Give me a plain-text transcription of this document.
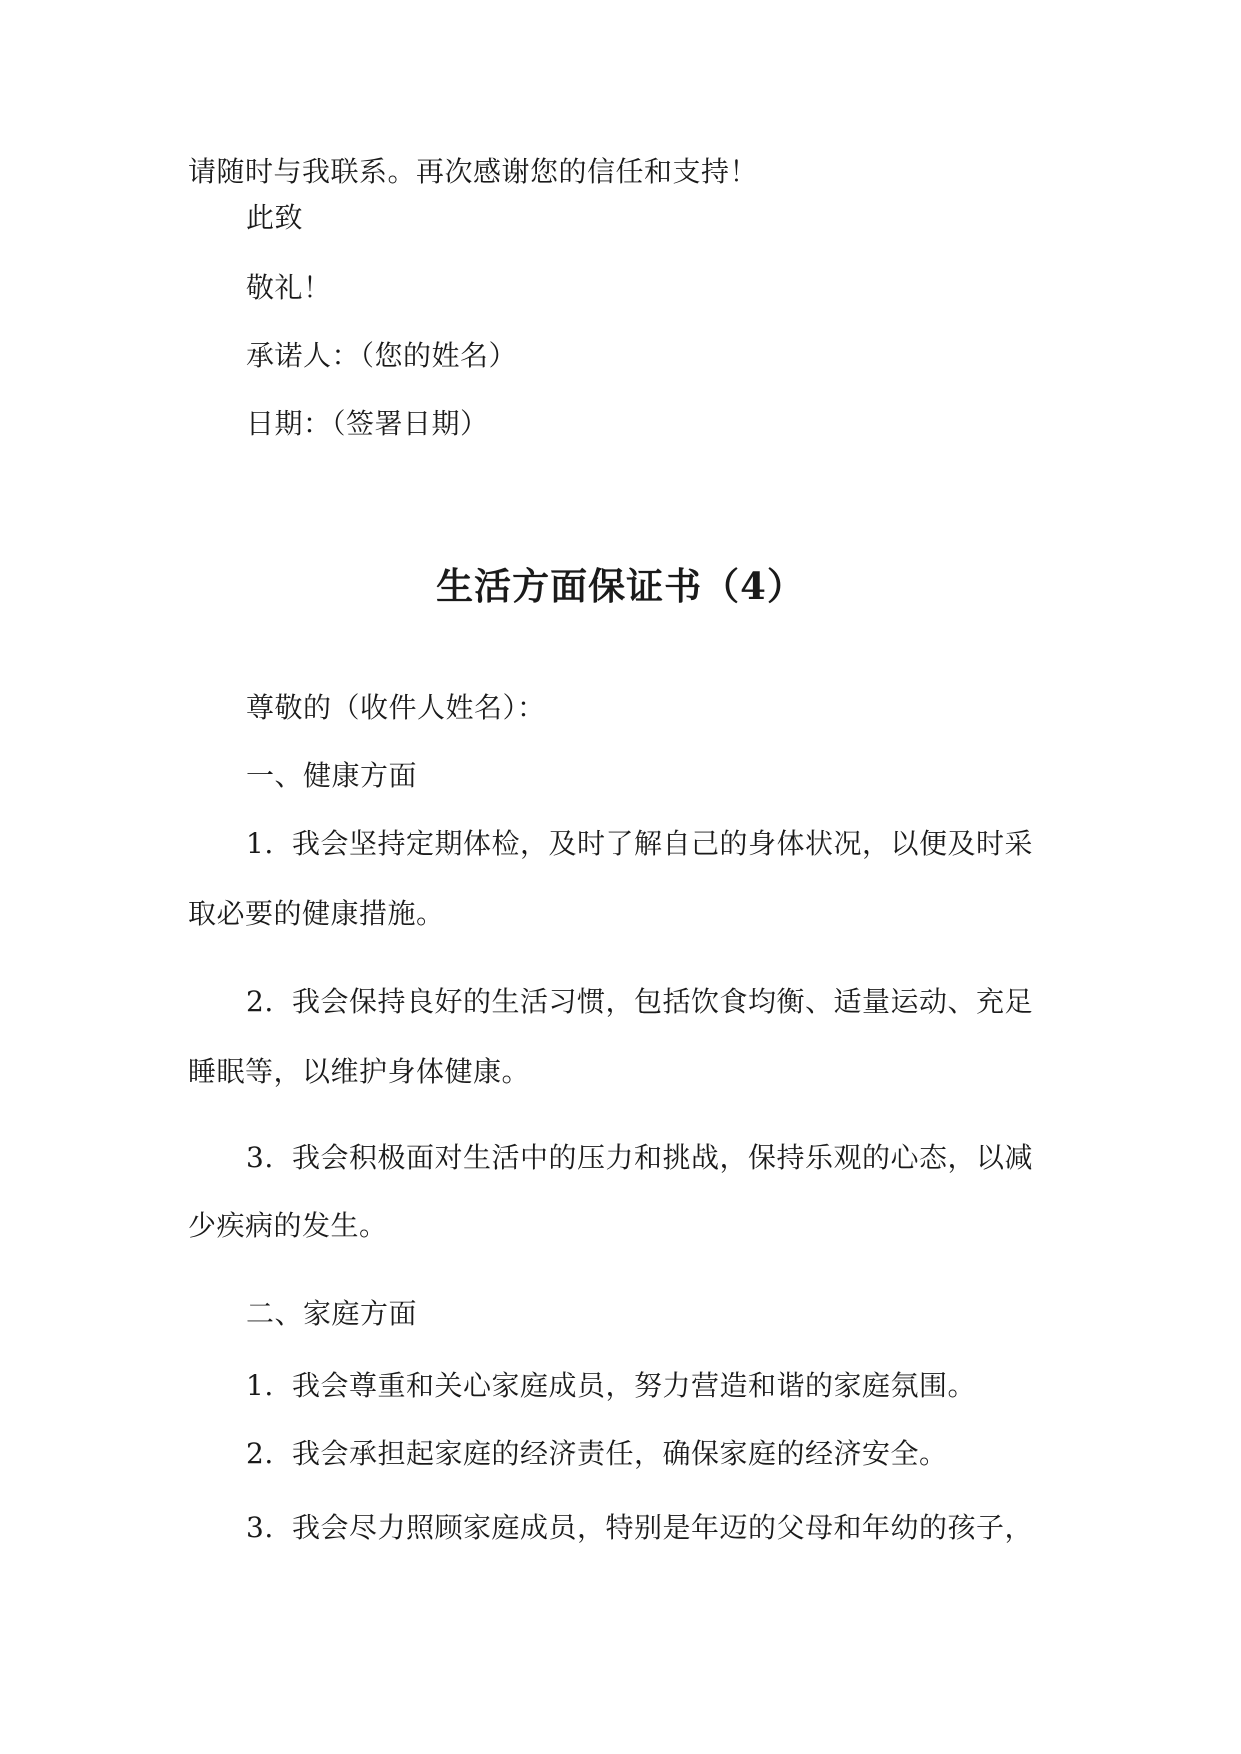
请随时与我联系。再次感谢您的信任和支持！
此致
敬礼！
承诺人：（您的姓名）
日期：（签署日期）
生活方面保证书（4）
尊敬的（收件人姓名）：
一、健康方面
1. 我会坚持定期体检，及时了解自己的身体状况，以便及时采
取必要的健康措施。
2. 我会保持良好的生活习惯，包括饮食均衡、适量运动、充足
睡眠等，以维护身体健康。
3. 我会积极面对生活中的压力和挑战，保持乐观的心态，以减
少疾病的发生。
二、家庭方面
1. 我会尊重和关心家庭成员，努力营造和谐的家庭氛围。
2. 我会承担起家庭的经济责任，确保家庭的经济安全。
3. 我会尽力照顾家庭成员，特别是年迈的父母和年幼的孩子，
